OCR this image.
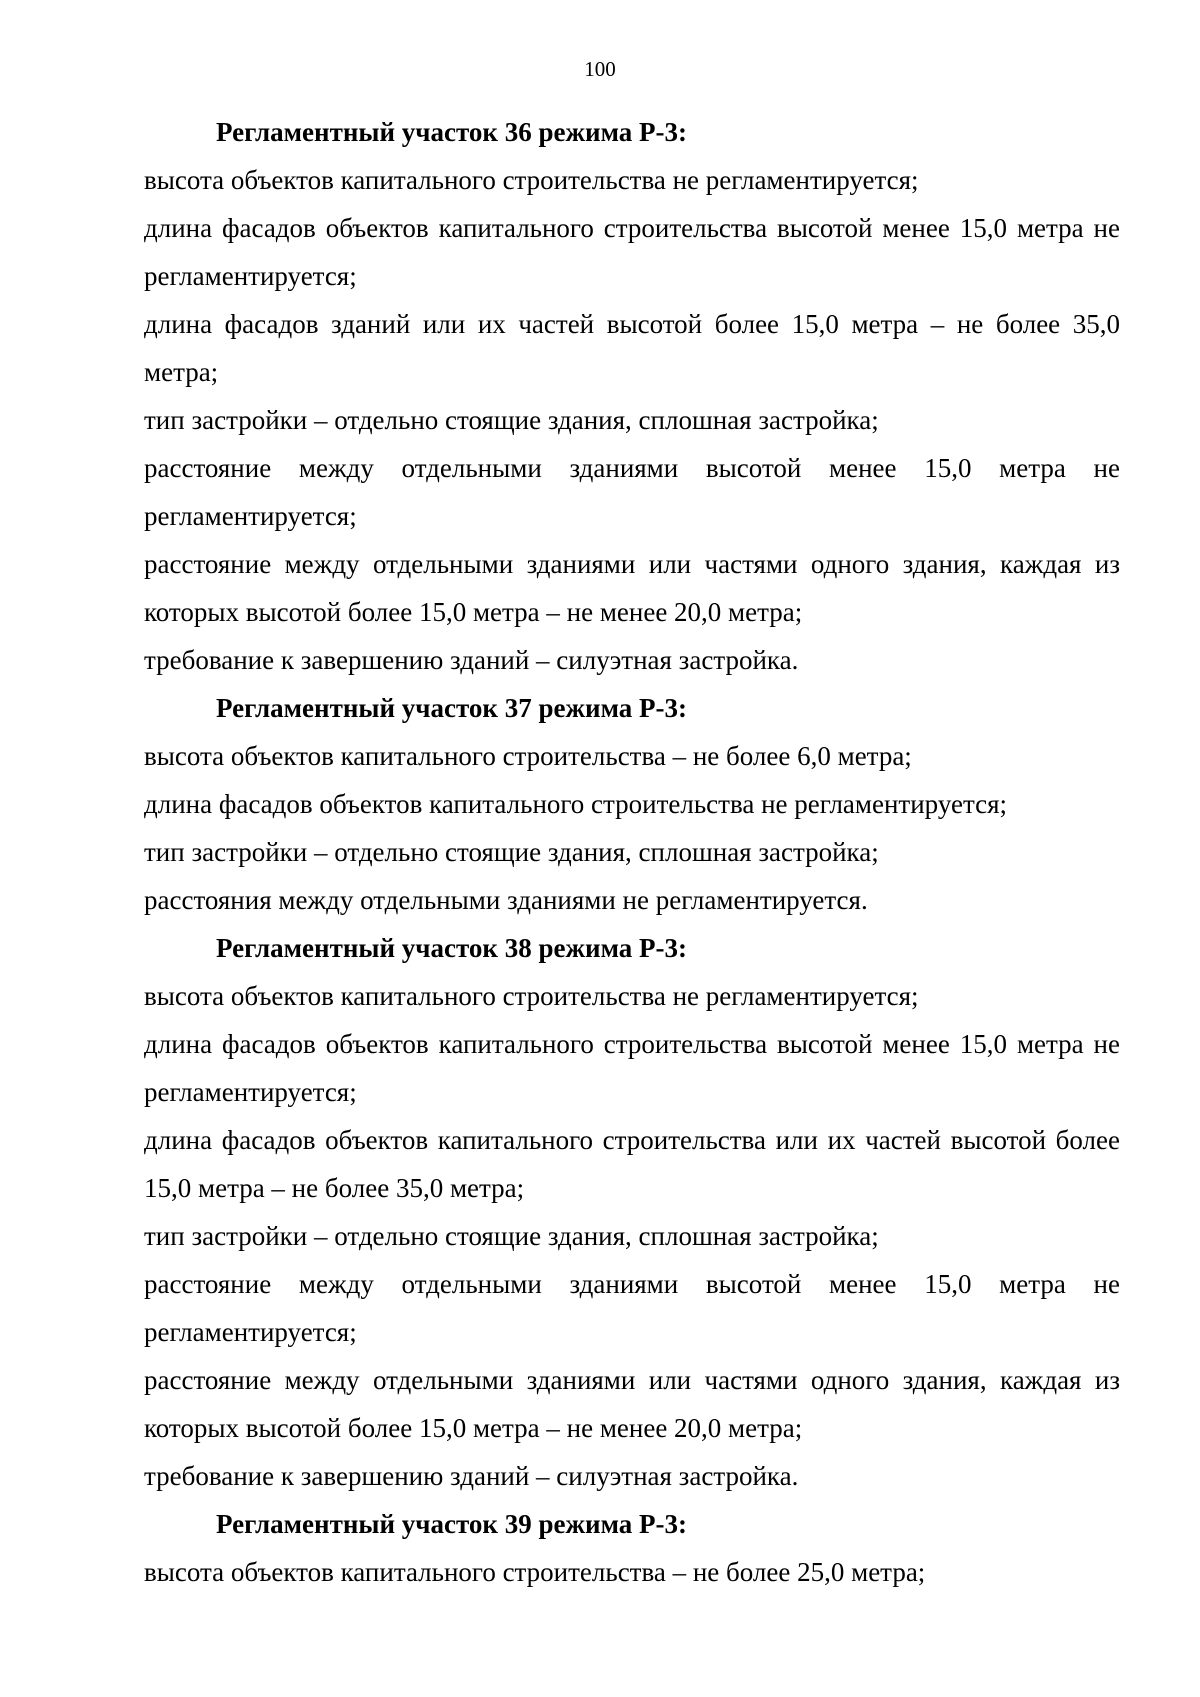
100

Регламентный участок 36 режима Р-3:

высота объектов капитального строительства не регламентируется;

длина фасадов объектов капитального строительства высотой менее 15,0 метра не регламентируется;

длина фасадов зданий или их частей высотой более 15,0 метра – не более 35,0 метра;

тип застройки – отдельно стоящие здания, сплошная застройка;

расстояние между отдельными зданиями высотой менее 15,0 метра не регламентируется;

расстояние между отдельными зданиями или частями одного здания, каждая из которых высотой более 15,0 метра – не менее 20,0 метра;

требование к завершению зданий – силуэтная застройка.

Регламентный участок 37 режима Р-3:

высота объектов капитального строительства – не более 6,0 метра;

длина фасадов объектов капитального строительства не регламентируется;

тип застройки – отдельно стоящие здания, сплошная застройка;

расстояния между отдельными зданиями не регламентируется.

Регламентный участок 38 режима Р-3:

высота объектов капитального строительства не регламентируется;

длина фасадов объектов капитального строительства высотой менее 15,0 метра не регламентируется;

длина фасадов объектов капитального строительства или их частей высотой более 15,0 метра – не более 35,0 метра;

тип застройки – отдельно стоящие здания, сплошная застройка;

расстояние между отдельными зданиями высотой менее 15,0 метра не регламентируется;

расстояние между отдельными зданиями или частями одного здания, каждая из которых высотой более 15,0 метра – не менее 20,0 метра;

требование к завершению зданий – силуэтная застройка.

Регламентный участок 39 режима Р-3:

высота объектов капитального строительства – не более 25,0 метра;
